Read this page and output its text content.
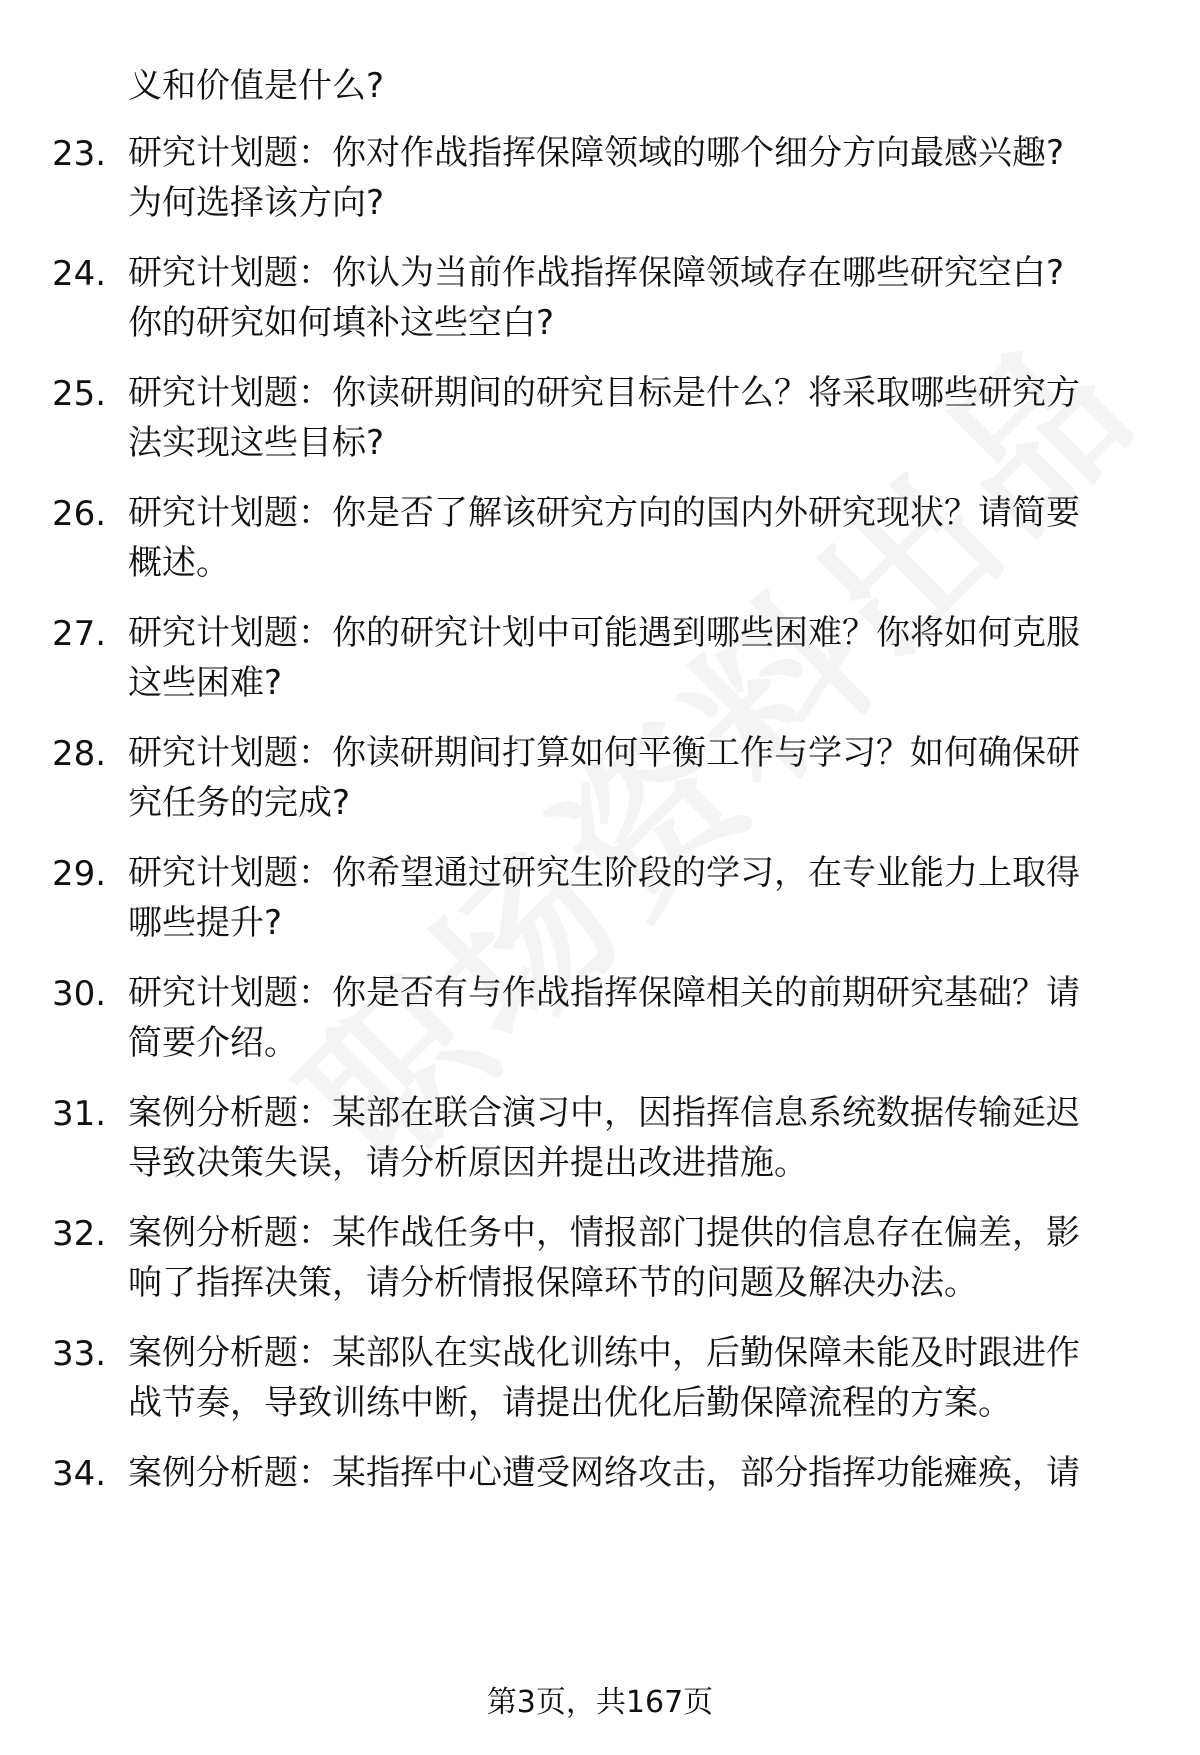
义和价值是什么?
23. 研究计划题：你对作战指挥保障领域的哪个细分方向最感兴趣?
为何选择该方向?
24. 研究计划题：你认为当前作战指挥保障领域存在哪些研究空白?
你的研究如何填补这些空白?
25. 研究计划题：你读研期间的研究目标是什么？将采取哪些研究方
法实现这些目标?
26. 研究计划题：你是否了解该研究方向的国内外研究现状？请简要
概述。
27. 研究计划题：你的研究计划中可能遇到哪些困难？你将如何克服
这些困难?
28. 研究计划题：你读研期间打算如何平衡工作与学习？如何确保研
究任务的完成?
29. 研究计划题：你希望通过研究生阶段的学习，在专业能力上取得
哪些提升?
30. 研究计划题：你是否有与作战指挥保障相关的前期研究基础？请
简要介绍。
31. 案例分析题：某部在联合演习中，因指挥信息系统数据传输延迟
导致决策失误，请分析原因并提出改进措施。
32. 案例分析题：某作战任务中，情报部门提供的信息存在偏差，影
响了指挥决策，请分析情报保障环节的问题及解决办法。
33. 案例分析题：某部队在实战化训练中，后勤保障未能及时跟进作
战节奏，导致训练中断，请提出优化后勤保障流程的方案。
34. 案例分析题：某指挥中心遭受网络攻击，部分指挥功能瘫痪，请
第3页，共167页
